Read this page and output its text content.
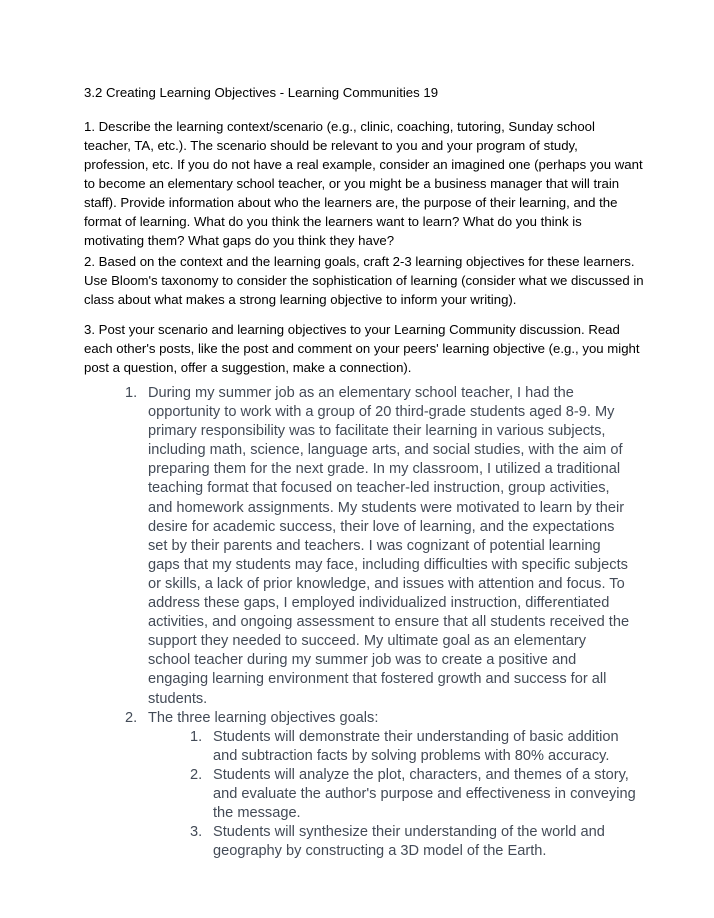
3.2 Creating Learning Objectives - Learning Communities 19

1. Describe the learning context/scenario (e.g., clinic, coaching, tutoring, Sunday school teacher, TA, etc.). The scenario should be relevant to you and your program of study, profession, etc. If you do not have a real example, consider an imagined one (perhaps you want to become an elementary school teacher, or you might be a business manager that will train staff). Provide information about who the learners are, the purpose of their learning, and the format of learning. What do you think the learners want to learn? What do you think is motivating them? What gaps do you think they have?

2. Based on the context and the learning goals, craft 2-3 learning objectives for these learners. Use Bloom's taxonomy to consider the sophistication of learning (consider what we discussed in class about what makes a strong learning objective to inform your writing).

3. Post your scenario and learning objectives to your Learning Community discussion. Read each other's posts, like the post and comment on your peers' learning objective (e.g., you might post a question, offer a suggestion, make a connection).

1. During my summer job as an elementary school teacher, I had the opportunity to work with a group of 20 third-grade students aged 8-9. My primary responsibility was to facilitate their learning in various subjects, including math, science, language arts, and social studies, with the aim of preparing them for the next grade. In my classroom, I utilized a traditional teaching format that focused on teacher-led instruction, group activities, and homework assignments. My students were motivated to learn by their desire for academic success, their love of learning, and the expectations set by their parents and teachers. I was cognizant of potential learning gaps that my students may face, including difficulties with specific subjects or skills, a lack of prior knowledge, and issues with attention and focus. To address these gaps, I employed individualized instruction, differentiated activities, and ongoing assessment to ensure that all students received the support they needed to succeed. My ultimate goal as an elementary school teacher during my summer job was to create a positive and engaging learning environment that fostered growth and success for all students.
2. The three learning objectives goals:
1. Students will demonstrate their understanding of basic addition and subtraction facts by solving problems with 80% accuracy.
2. Students will analyze the plot, characters, and themes of a story, and evaluate the author's purpose and effectiveness in conveying the message.
3. Students will synthesize their understanding of the world and geography by constructing a 3D model of the Earth.
